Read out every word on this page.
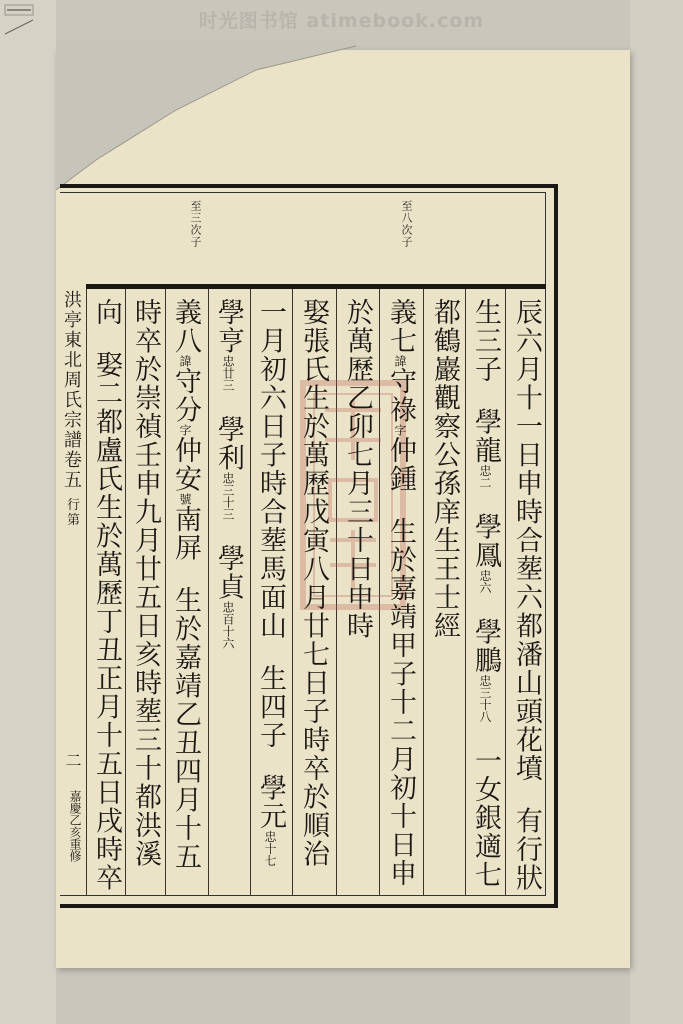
时光图书馆 atimebook.com
至八次子
至三次子
辰六月十一日申時合塟六都潘山頭花墳有行狀
生三子學龍忠二學鳳忠六學鵬忠三十八一女銀適七
都鶴巖觀察公孫庠生王士經
義七諱守祿字仲鍾生於嘉靖甲子十二月初十日申
於萬歷乙卯七月三十日申時
娶張氏生於萬歷戊寅八月廿七日子時卒於順治
一月初六日子時合塟馬面山生四子學元忠十七
學亨忠廿三學利忠三十三學貞忠百十六
義八諱守分字仲安號南屏生於嘉靖乙丑四月十五
時卒於崇禎壬申九月廿五日亥時塟三十都洪溪
向娶二都盧氏生於萬歷丁丑正月十五日戌時卒
洪亭東北周氏宗譜卷五 行第
二
嘉慶乙亥重修
